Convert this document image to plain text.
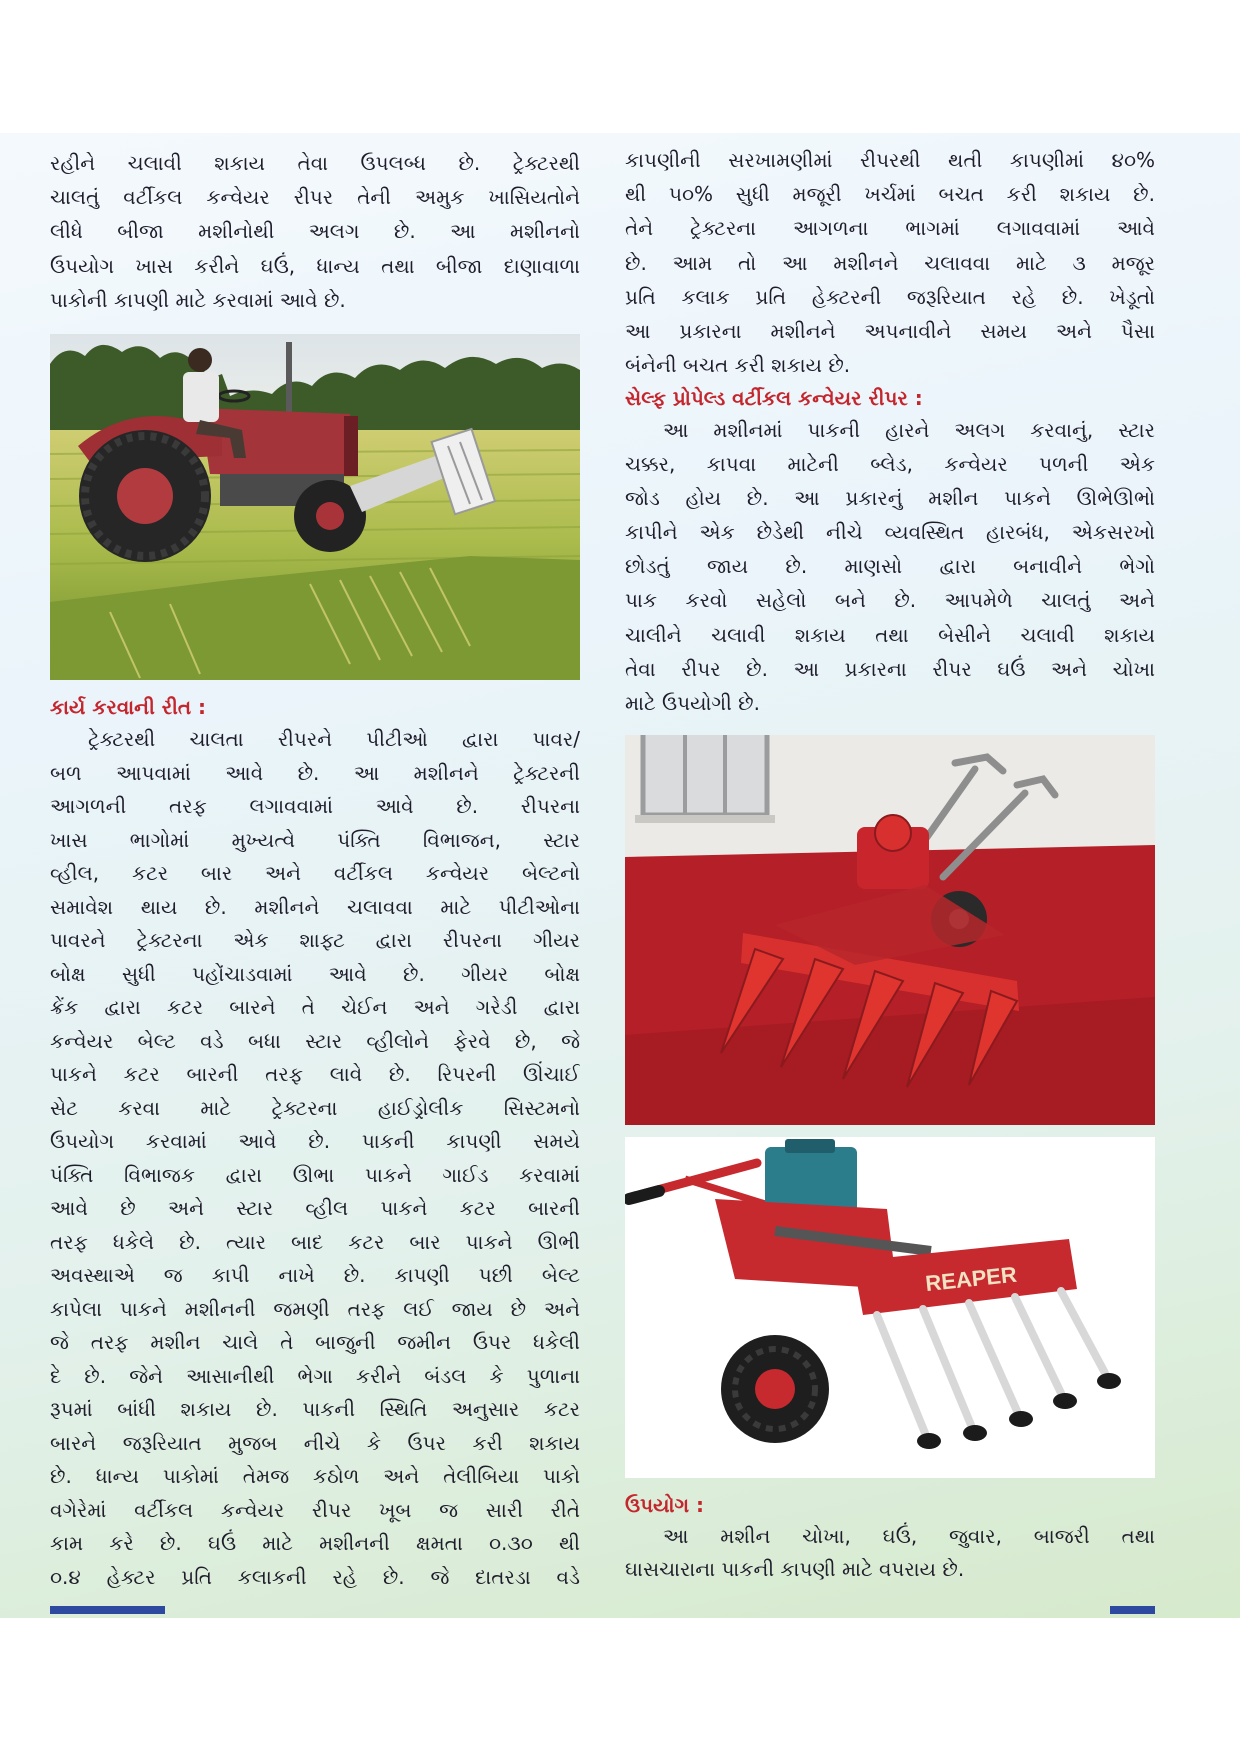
રહીને ચલાવી શકાય તેવા ઉપલબ્ધ છે. ટ્રેક્ટરથી
ચાલતું વર્ટીકલ કન્વેયર રીપર તેની અમુક ખાસિયતોને
લીધે બીજા મશીનોથી અલગ છે. આ મશીનનો
ઉપયોગ ખાસ કરીને ઘઉં, ધાન્ય તથા બીજા દાણાવાળા
પાકોની કાપણી માટે કરવામાં આવે છે.
કાર્ય કરવાની રીત :
ટ્રેક્ટરથી ચાલતા રીપરને પીટીઓ દ્વારા પાવર/
બળ આપવામાં આવે છે. આ મશીનને ટ્રેક્ટરની
આગળની તરફ લગાવવામાં આવે છે. રીપરના
ખાસ ભાગોમાં મુખ્યત્વે પંક્તિ વિભાજન, સ્ટાર
વ્હીલ, કટર બાર અને વર્ટીકલ કન્વેયર બેલ્ટનો
સમાવેશ થાય છે. મશીનને ચલાવવા માટે પીટીઓના
પાવરને ટ્રેક્ટરના એક શાફ્ટ દ્વારા રીપરના ગીયર
બોક્ષ સુધી પહોંચાડવામાં આવે છે. ગીયર બોક્ષ
ક્રેંક દ્વારા કટર બારને તે ચેઈન અને ગરેડી દ્વારા
કન્વેયર બેલ્ટ વડે બધા સ્ટાર વ્હીલોને ફેરવે છે, જે
પાકને કટર બારની તરફ લાવે છે. રિપરની ઊંચાઈ
સેટ કરવા માટે ટ્રેક્ટરના હાઈડ્રોલીક સિસ્ટમનો
ઉપયોગ કરવામાં આવે છે. પાકની કાપણી સમયે
પંક્તિ વિભાજક દ્વારા ઊભા પાકને ગાઈડ કરવામાં
આવે છે અને સ્ટાર વ્હીલ પાકને કટર બારની
તરફ ધકેલે છે. ત્યાર બાદ કટર બાર પાકને ઊભી
અવસ્થાએ જ કાપી નાખે છે. કાપણી પછી બેલ્ટ
કાપેલા પાકને મશીનની જમણી તરફ લઈ જાય છે અને
જે તરફ મશીન ચાલે તે બાજુની જમીન ઉપર ધકેલી
દે છે. જેને આસાનીથી ભેગા કરીને બંડલ કે પુળાના
રૂપમાં બાંધી શકાય છે. પાકની સ્થિતિ અનુસાર કટર
બારને જરૂરિયાત મુજબ નીચે કે ઉપર કરી શકાય
છે. ધાન્ય પાકોમાં તેમજ કઠોળ અને તેલીબિયા પાકો
વગેરેમાં વર્ટીકલ કન્વેયર રીપર ખૂબ જ સારી રીતે
કામ કરે છે. ઘઉં માટે મશીનની ક્ષમતા ૦.૩૦ થી
૦.૪ હેક્ટર પ્રતિ કલાકની રહે છે. જે દાતરડા વડે
કાપણીની સરખામણીમાં રીપરથી થતી કાપણીમાં ૪૦%
થી ૫૦% સુધી મજૂરી ખર્ચમાં બચત કરી શકાય છે.
તેને ટ્રેક્ટરના આગળના ભાગમાં લગાવવામાં આવે
છે. આમ તો આ મશીનને ચલાવવા માટે ૩ મજૂર
પ્રતિ કલાક પ્રતિ હેક્ટરની જરૂરિયાત રહે છે. ખેડૂતો
આ પ્રકારના મશીનને અપનાવીને સમય અને પૈસા
બંનેની બચત કરી શકાય છે.
સેલ્ફ પ્રોપેલ્ડ વર્ટીકલ કન્વેયર રીપર :
આ મશીનમાં પાકની હારને અલગ કરવાનું, સ્ટાર
ચક્કર, કાપવા માટેની બ્લેડ, કન્વેયર પળની એક
જોડ હોય છે. આ પ્રકારનું મશીન પાકને ઊભેઊભો
કાપીને એક છેડેથી નીચે વ્યવસ્થિત હારબંધ, એકસરખો
છોડતું જાય છે. માણસો દ્વારા બનાવીને ભેગો
પાક કરવો સહેલો બને છે. આપમેળે ચાલતું અને
ચાલીને ચલાવી શકાય તથા બેસીને ચલાવી શકાય
તેવા રીપર છે. આ પ્રકારના રીપર ઘઉં અને ચોખા
માટે ઉપયોગી છે.
REAPER
ઉપયોગ :
આ મશીન ચોખા, ઘઉં, જુવાર, બાજરી તથા
ઘાસચારાના પાકની કાપણી માટે વપરાય છે.
